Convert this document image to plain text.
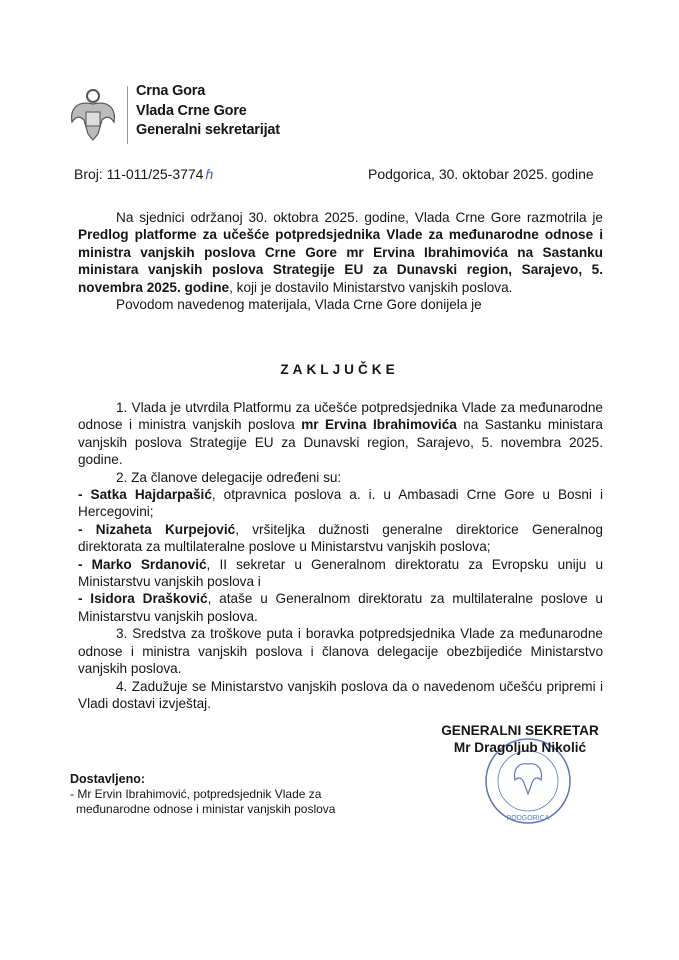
Crna Gora
Vlada Crne Gore
Generalni sekretarijat
Broj: 11-011/25-3774 ɦ	Podgorica, 30. oktobar 2025. godine

Na sjednici održanoj 30. oktobra 2025. godine, Vlada Crne Gore razmotrila je Predlog platforme za učešće potpredsjednika Vlade za međunarodne odnose i ministra vanjskih poslova Crne Gore mr Ervina Ibrahimovića na Sastanku ministara vanjskih poslova Strategije EU za Dunavski region, Sarajevo, 5. novembra 2025. godine, koji je dostavilo Ministarstvo vanjskih poslova.

Povodom navedenog materijala, Vlada Crne Gore donijela je

ZAKLJUČKE

1. Vlada je utvrdila Platformu za učešće potpredsjednika Vlade za međunarodne odnose i ministra vanjskih poslova mr Ervina Ibrahimovića na Sastanku ministara vanjskih poslova Strategije EU za Dunavski region, Sarajevo, 5. novembra 2025. godine.

2. Za članove delegacije određeni su:

- Satka Hajdarpašić, otpravnica poslova a. i. u Ambasadi Crne Gore u Bosni i Hercegovini;

- Nizaheta Kurpejović, vršiteljka dužnosti generalne direktorice Generalnog direktorata za multilateralne poslove u Ministarstvu vanjskih poslova;

- Marko Srdanović, II sekretar u Generalnom direktoratu za Evropsku uniju u Ministarstvu vanjskih poslova i

- Isidora Drašković, ataše u Generalnom direktoratu za multilateralne poslove u Ministarstvu vanjskih poslova.

3. Sredstva za troškove puta i boravka potpredsjednika Vlade za međunarodne odnose i ministra vanjskih poslova i članova delegacije obezbijediće Ministarstvo vanjskih poslova.

4. Zadužuje se Ministarstvo vanjskih poslova da o navedenom učešću pripremi i Vladi dostavi izvještaj.

PODGORICA
GENERALNI SEKRETAR
Mr Dragoljub Nikolić
Dostavljeno:
- Mr Ervin Ibrahimović, potpredsjednik Vlade za
međunarodne odnose i ministar vanjskih poslova
